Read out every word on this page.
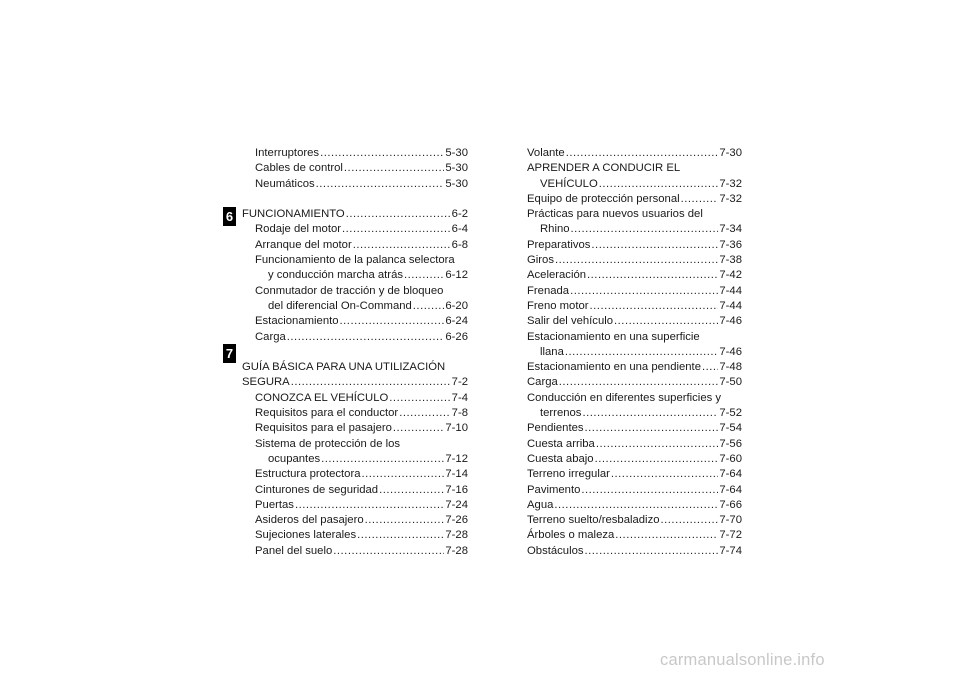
6
7
Interruptores .....	5-30
Cables de control .....	5-30
Neumáticos .....	5-30
FUNCIONAMIENTO .....	6-2
Rodaje del motor .....	6-4
Arranque del motor .....	6-8
Funcionamiento de la palanca selectora
y conducción marcha atrás .....	6-12
Conmutador de tracción y de bloqueo
del diferencial On-Command .....	6-20
Estacionamiento .....	6-24
Carga .....	6-26
GUÍA BÁSICA PARA UNA UTILIZACIÓN
SEGURA .....	7-2
CONOZCA EL VEHÍCULO .....	7-4
Requisitos para el conductor .....	7-8
Requisitos para el pasajero .....	7-10
Sistema de protección de los
ocupantes .....	7-12
Estructura protectora .....	7-14
Cinturones de seguridad .....	7-16
Puertas .....	7-24
Asideros del pasajero .....	7-26
Sujeciones laterales .....	7-28
Panel del suelo .....	7-28
Volante .....	7-30
APRENDER A CONDUCIR EL
VEHÍCULO .....	7-32
Equipo de protección personal .....	7-32
Prácticas para nuevos usuarios del
Rhino .....	7-34
Preparativos .....	7-36
Giros .....	7-38
Aceleración .....	7-42
Frenada .....	7-44
Freno motor .....	7-44
Salir del vehículo .....	7-46
Estacionamiento en una superficie
llana .....	7-46
Estacionamiento en una pendiente ..... 7-48
Carga .....	7-50
Conducción en diferentes superficies y
terrenos .....	7-52
Pendientes .....	7-54
Cuesta arriba .....	7-56
Cuesta abajo .....	7-60
Terreno irregular .....	7-64
Pavimento .....	7-64
Agua .....	7-66
Terreno suelto/resbaladizo .....	7-70
Árboles o maleza .....	7-72
Obstáculos .....	7-74
carmanualsonline.info
